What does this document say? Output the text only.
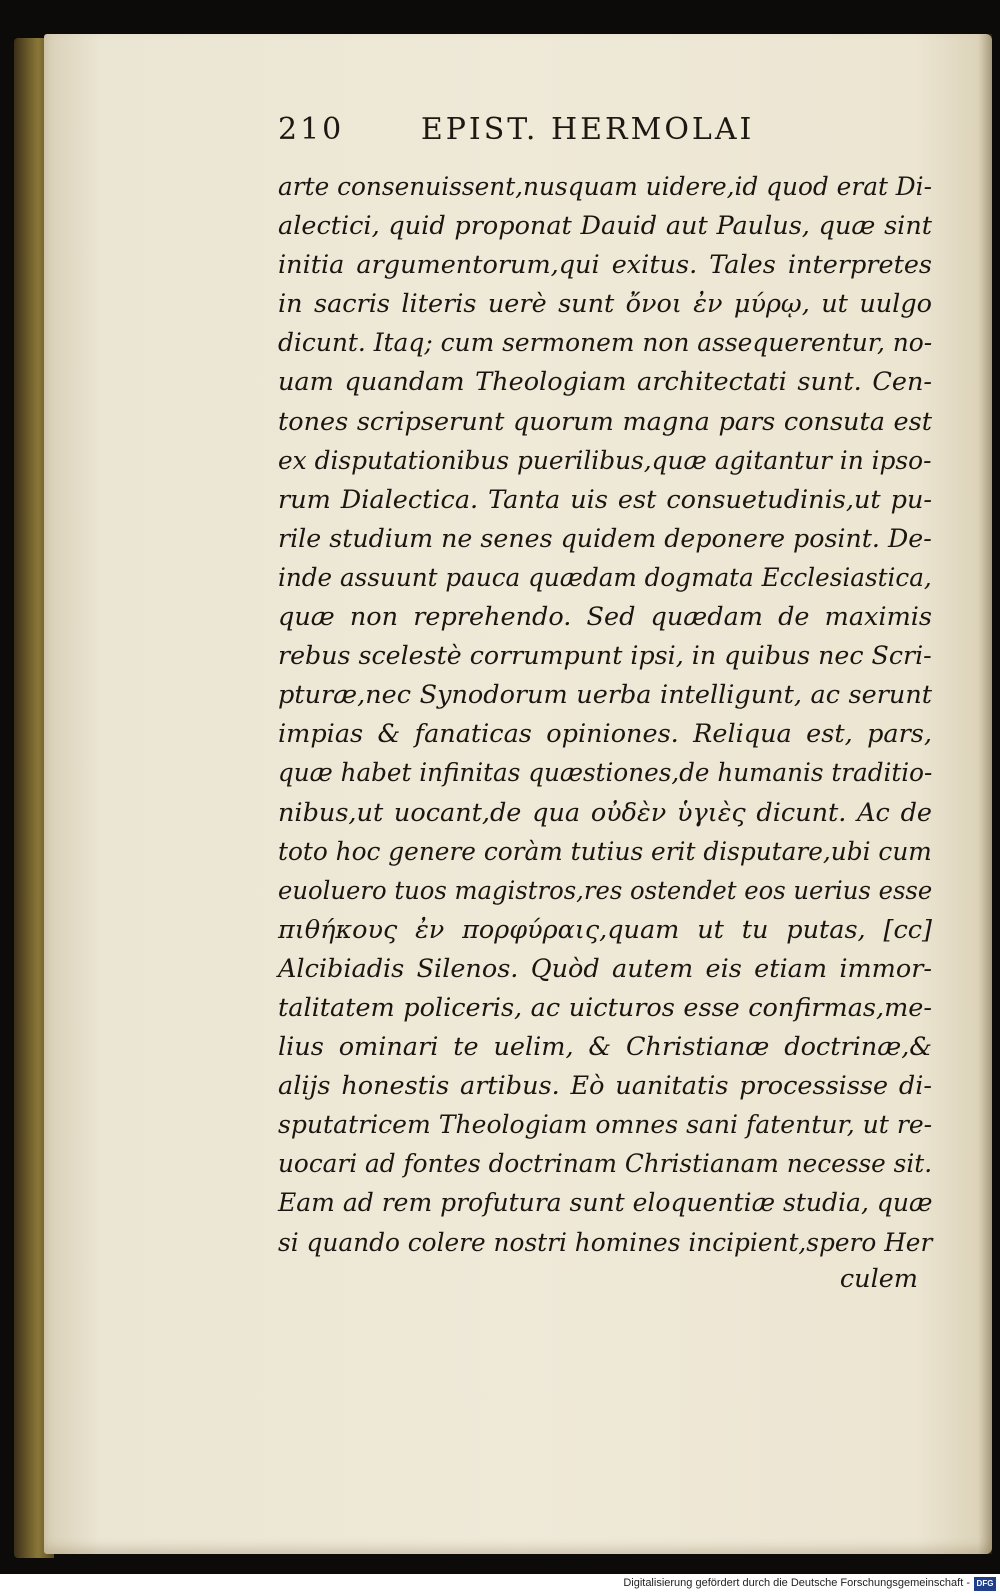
210	EPIST. HERMOLAI
arte consenuissent,nusquam uidere,id quod erat Di-
alectici, quid proponat Dauid aut Paulus, quæ sint
initia argumentorum,qui exitus. Tales interpretes
in sacris literis uerè sunt ὄνοι ἐν μύρῳ, ut uulgo
dicunt. Itaq; cum sermonem non assequerentur, no-
uam quandam Theologiam architectati sunt. Cen-
tones scripserunt quorum magna pars consuta est
ex disputationibus puerilibus,quæ agitantur in ipso-
rum Dialectica. Tanta uis est consuetudinis,ut pu-
rile studium ne senes quidem deponere posint. De-
inde assuunt pauca quædam dogmata Ecclesiastica,
quæ non reprehendo. Sed quædam de maximis
rebus scelestè corrumpunt ipsi, in quibus nec Scri-
pturæ,nec Synodorum uerba intelligunt, ac serunt
impias & fanaticas opiniones. Reliqua est, pars,
quæ habet infinitas quæstiones,de humanis traditio-
nibus,ut uocant,de qua οὐδὲν ὑγιὲς dicunt. Ac de
toto hoc genere coràm tutius erit disputare,ubi cum
euoluero tuos magistros,res ostendet eos uerius esse
πιθήκους ἐν πορφύραις,quam ut tu putas, [cc]
Alcibiadis Silenos. Quòd autem eis etiam immor-
talitatem policeris, ac uicturos esse confirmas,me-
lius ominari te uelim, & Christianæ doctrinæ,&
alijs honestis artibus. Eò uanitatis processisse di-
sputatricem Theologiam omnes sani fatentur, ut re-
uocari ad fontes doctrinam Christianam necesse sit.
Eam ad rem profutura sunt eloquentiæ studia, quæ
si quando colere nostri homines incipient,spero Her
culem
Digitalisierung gefördert durch die Deutsche Forschungsgemeinschaft - DFG
